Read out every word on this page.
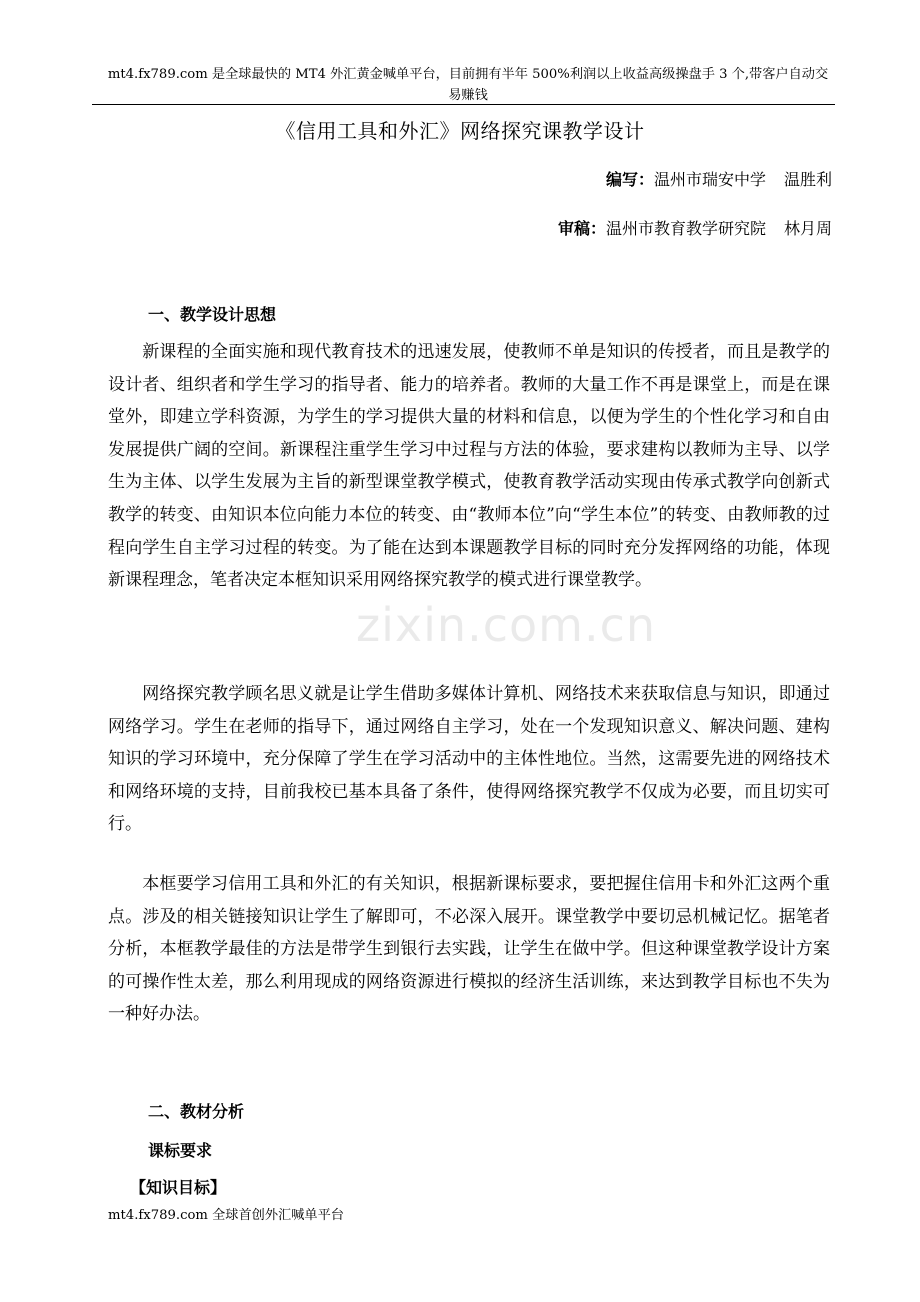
mt4.fx789.com 是全球最快的 MT4 外汇黄金喊单平台，目前拥有半年 500%利润以上收益高级操盘手 3 个,带客户自动交易赚钱
《信用工具和外汇》网络探究课教学设计
编写：温州市瑞安中学 温胜利
审稿：温州市教育教学研究院 林月周
一、教学设计思想
新课程的全面实施和现代教育技术的迅速发展，使教师不单是知识的传授者，而且是教学的设计者、组织者和学生学习的指导者、能力的培养者。教师的大量工作不再是课堂上，而是在课堂外，即建立学科资源，为学生的学习提供大量的材料和信息，以便为学生的个性化学习和自由发展提供广阔的空间。新课程注重学生学习中过程与方法的体验，要求建构以教师为主导、以学生为主体、以学生发展为主旨的新型课堂教学模式，使教育教学活动实现由传承式教学向创新式教学的转变、由知识本位向能力本位的转变、由“教师本位”向“学生本位”的转变、由教师教的过程向学生自主学习过程的转变。为了能在达到本课题教学目标的同时充分发挥网络的功能，体现新课程理念，笔者决定本框知识采用网络探究教学的模式进行课堂教学。
网络探究教学顾名思义就是让学生借助多媒体计算机、网络技术来获取信息与知识，即通过网络学习。学生在老师的指导下，通过网络自主学习，处在一个发现知识意义、解决问题、建构知识的学习环境中，充分保障了学生在学习活动中的主体性地位。当然，这需要先进的网络技术和网络环境的支持，目前我校已基本具备了条件，使得网络探究教学不仅成为必要，而且切实可行。
本框要学习信用工具和外汇的有关知识，根据新课标要求，要把握住信用卡和外汇这两个重点。涉及的相关链接知识让学生了解即可，不必深入展开。课堂教学中要切忌机械记忆。据笔者分析，本框教学最佳的方法是带学生到银行去实践，让学生在做中学。但这种课堂教学设计方案的可操作性太差，那么利用现成的网络资源进行模拟的经济生活训练，来达到教学目标也不失为一种好办法。
二、教材分析
课标要求
【知识目标】
zixin.com.cn
mt4.fx789.com 全球首创外汇喊单平台
